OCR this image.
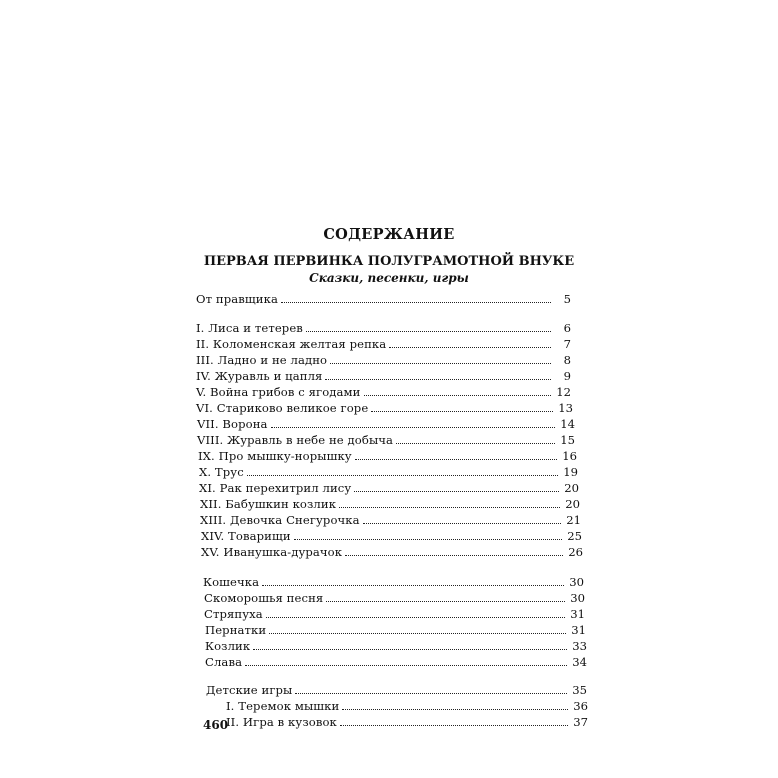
СОДЕРЖАНИЕ
ПЕРВАЯ ПЕРВИНКА ПОЛУГРАМОТНОЙ ВНУКЕ
Сказки, песенки, игры
От правщика	5
I. Лиса и тетерев	6
II. Коломенская желтая репка	7
III. Ладно и не ладно	8
IV. Журавль и цапля	9
V. Война грибов с ягодами	12
VI. Стариково великое горе	13
VII. Ворона	14
VIII. Журавль в небе не добыча	15
IX. Про мышку-норышку	16
X. Трус	19
XI. Рак перехитрил лису	20
XII. Бабушкин козлик	20
XIII. Девочка Снегурочка	21
XIV. Товарищи	25
XV. Иванушка-дурачок	26
Кошечка	30
Скоморошья песня	30
Стряпуха	31
Пернатки	31
Козлик	33
Слава	34
Детские игры	35
I. Теремок мышки	36
II. Игра в кузовок	37

460
